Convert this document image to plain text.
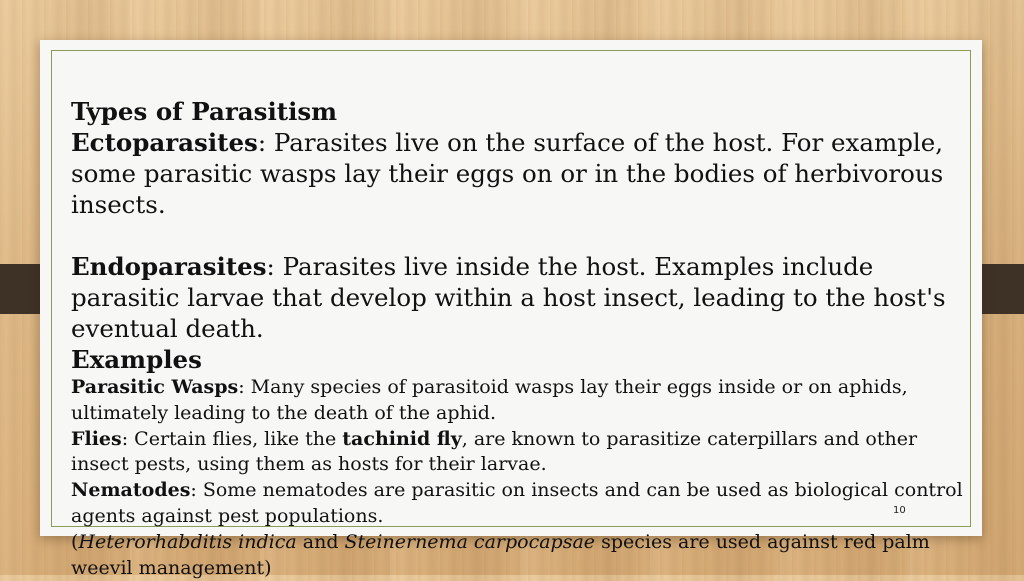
Types of Parasitism
Ectoparasites: Parasites live on the surface of the host. For example, some parasitic wasps lay their eggs on or in the bodies of herbivorous insects.
Endoparasites: Parasites live inside the host. Examples include parasitic larvae that develop within a host insect, leading to the host's eventual death.
Examples
Parasitic Wasps: Many species of parasitoid wasps lay their eggs inside or on aphids, ultimately leading to the death of the aphid.
Flies: Certain flies, like the tachinid fly, are known to parasitize caterpillars and other insect pests, using them as hosts for their larvae.
Nematodes: Some nematodes are parasitic on insects and can be used as biological control agents against pest populations.
(Heterorhabditis indica and Steinernema carpocapsae species are used against red palm weevil management)
10
